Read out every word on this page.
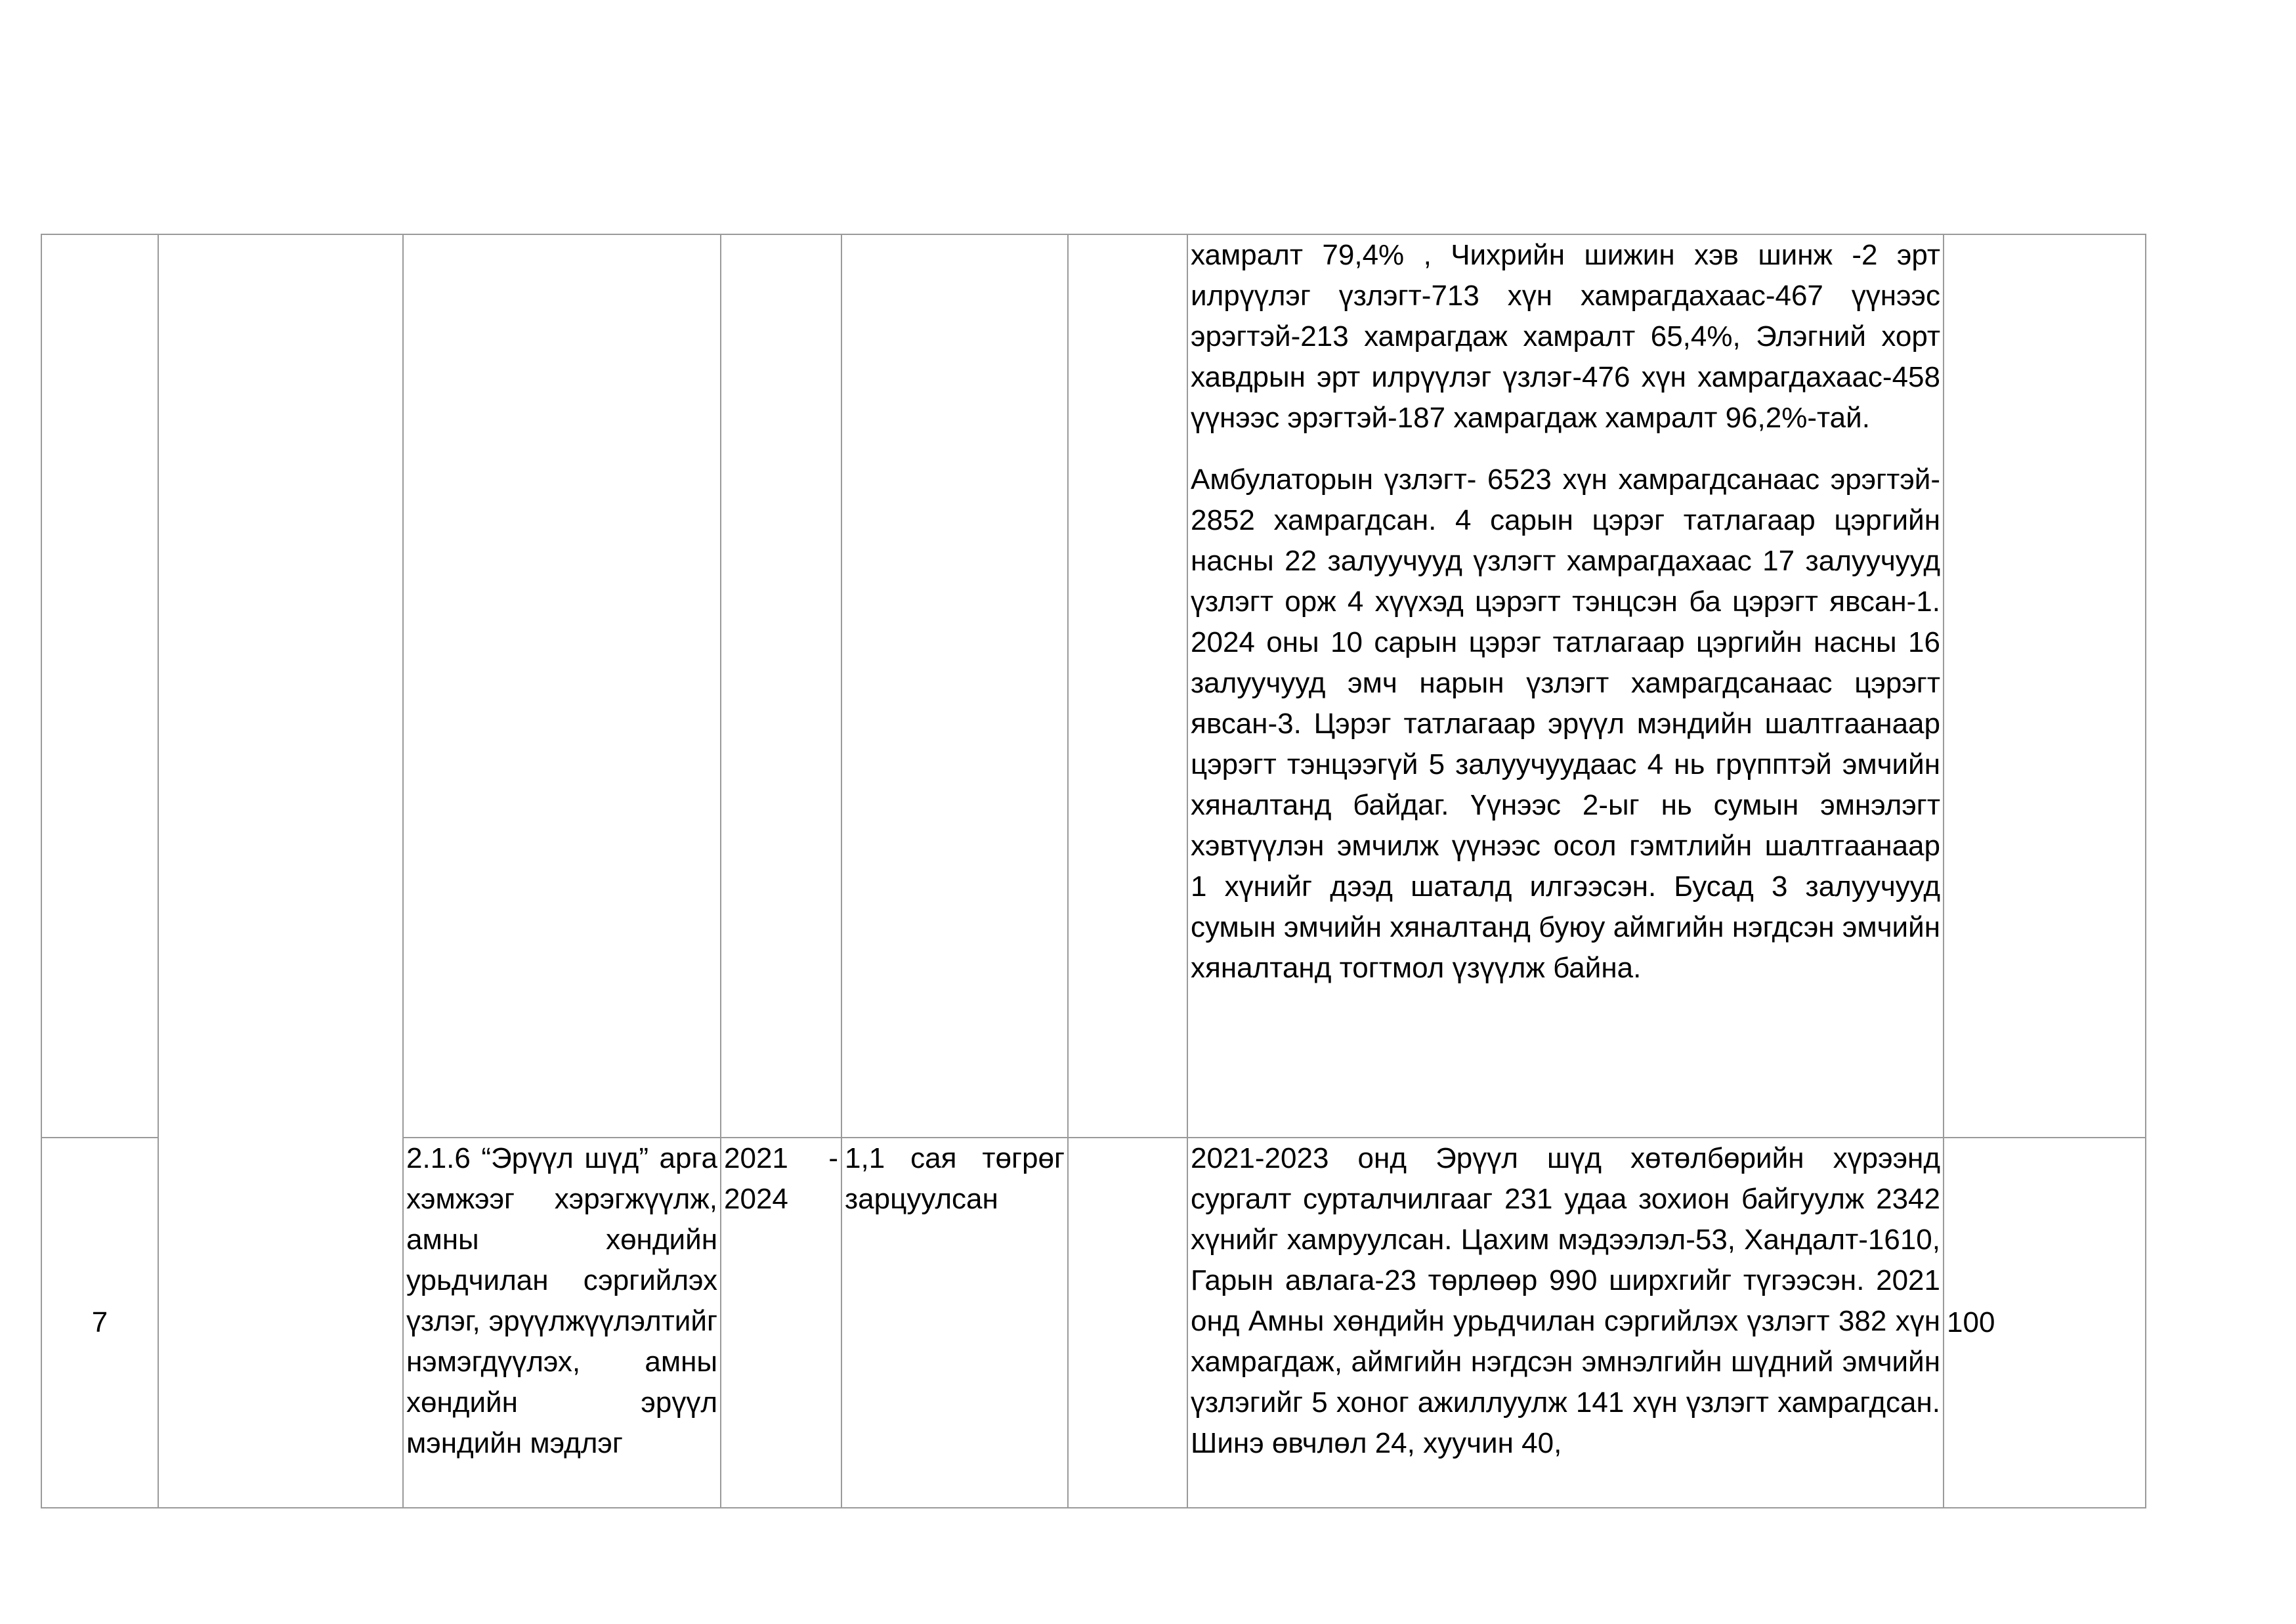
						хамралт 79,4% , Чихрийн шижин хэв шинж -2 эрт илрүүлэг үзлэгт-713 хүн хамрагдахаас-467 үүнээс эрэгтэй-213 хамрагдаж хамралт 65,4%, Элэгний хорт хавдрын эрт илрүүлэг үзлэг-476 хүн хамрагдахаас-458 үүнээс эрэгтэй-187 хамрагдаж хамралт 96,2%-тай.

Амбулаторын үзлэгт- 6523 хүн хамрагдсанаас эрэгтэй- 2852 хамрагдсан. 4 сарын цэрэг татлагаар цэргийн насны 22 залуучууд үзлэгт хамрагдахаас 17 залуучууд үзлэгт орж 4 хүүхэд цэрэгт тэнцсэн ба цэрэгт явсан-1. 2024 оны 10 сарын цэрэг татлагаар цэргийн насны 16 залуучууд эмч нарын үзлэгт хамрагдсанаас цэрэгт явсан-3. Цэрэг татлагаар эрүүл мэндийн шалтгаанаар цэрэгт тэнцээгүй 5 залуучуудаас 4 нь грүпптэй эмчийн хяналтанд байдаг. Үүнээс 2-ыг нь сумын эмнэлэгт хэвтүүлэн эмчилж үүнээс осол гэмтлийн шалтгаанаар 1 хүнийг дээд шаталд илгээсэн. Бусад 3 залуучууд сумын эмчийн хяналтанд буюу аймгийн нэгдсэн эмчийн хяналтанд тогтмол үзүүлж байна.	

7		2.1.6 “Эрүүл шүд” арга хэмжээг хэрэгжүүлж, амны хөндийн урьдчилан сэргийлэх үзлэг, эрүүлжүүлэлтийг нэмэгдүүлэх, амны хөндийн эрүүл мэндийн мэдлэг	2021 - 2024	1,1 сая төгрөг зарцуулсан		2021-2023 онд Эрүүл шүд хөтөлбөрийн хүрээнд сургалт сурталчилгааг 231 удаа зохион байгуулж 2342 хүнийг хамруулсан. Цахим мэдээлэл-53, Хандалт-1610, Гарын авлага-23 төрлөөр 990 ширхгийг түгээсэн. 2021 онд Амны хөндийн урьдчилан сэргийлэх үзлэгт 382 хүн хамрагдаж, аймгийн нэгдсэн эмнэлгийн шүдний эмчийн үзлэгийг 5 хоног ажиллуулж 141 хүн үзлэгт хамрагдсан. Шинэ өвчлөл 24, хуучин 40,	100
